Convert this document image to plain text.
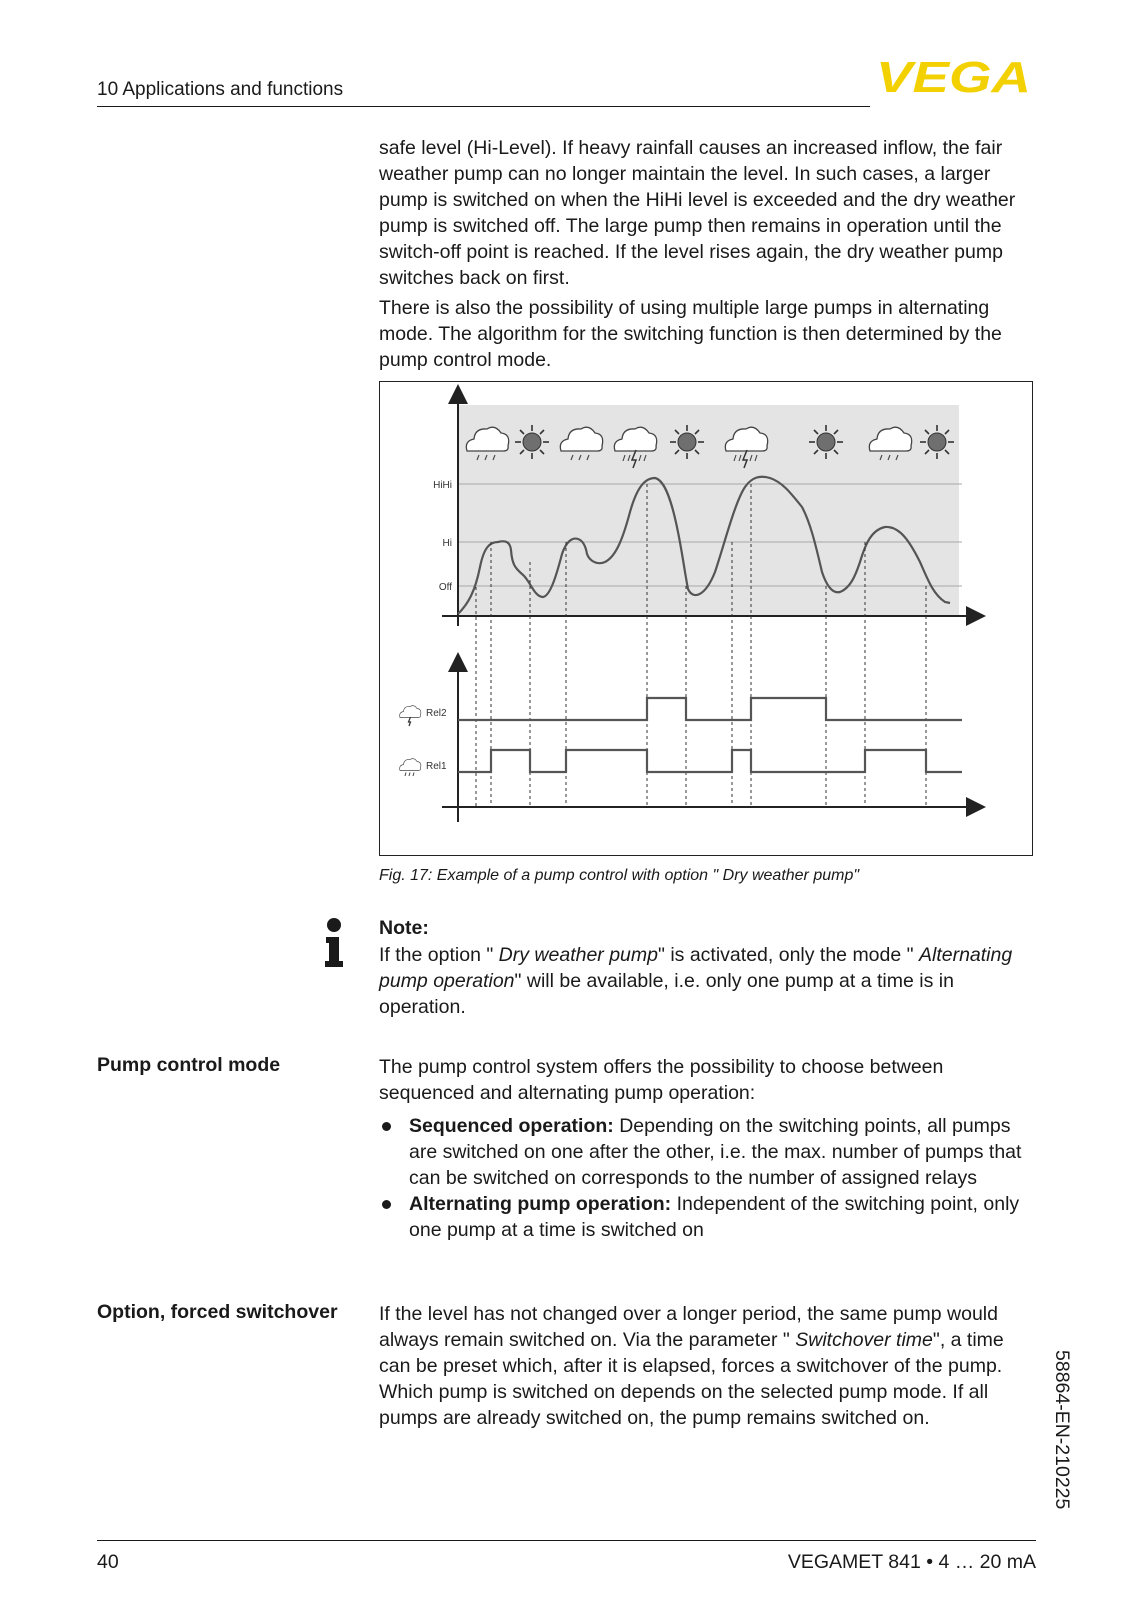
10 Applications and functions	VEGA

safe level (Hi-Level). If heavy rainfall causes an increased inflow, the fair weather pump can no longer maintain the level. In such cases, a larger pump is switched on when the HiHi level is exceeded and the dry weather pump is switched off. The large pump then remains in operation until the switch-off point is reached. If the level rises again, the dry weather pump switches back on first.

There is also the possibility of using multiple large pumps in alternating mode. The algorithm for the switching function is then determined by the pump control mode.

HiHi
Hi
Off
Rel2
Rel1
Fig. 17: Example of a pump control with option " Dry weather pump"
Note:

If the option " Dry weather pump" is activated, only the mode " Alternating pump operation" will be available, i.e. only one pump at a time is in operation.

Pump control mode	The pump control system offers the possibility to choose between sequenced and alternating pump operation:

Sequenced operation: Depending on the switching points, all pumps are switched on one after the other, i.e. the max. number of pumps that can be switched on corresponds to the number of assigned relays
Alternating pump operation: Independent of the switching point, only one pump at a time is switched on
Option, forced switchover If the level has not changed over a longer period, the same pump would always remain switched on. Via the parameter " Switchover time", a time can be preset which, after it is elapsed, forces a switchover of the pump. Which pump is switched on depends on the selected pump mode. If all pumps are already switched on, the pump remains switched on.	58864-EN-210225
40	VEGAMET 841 • 4 … 20 mA
